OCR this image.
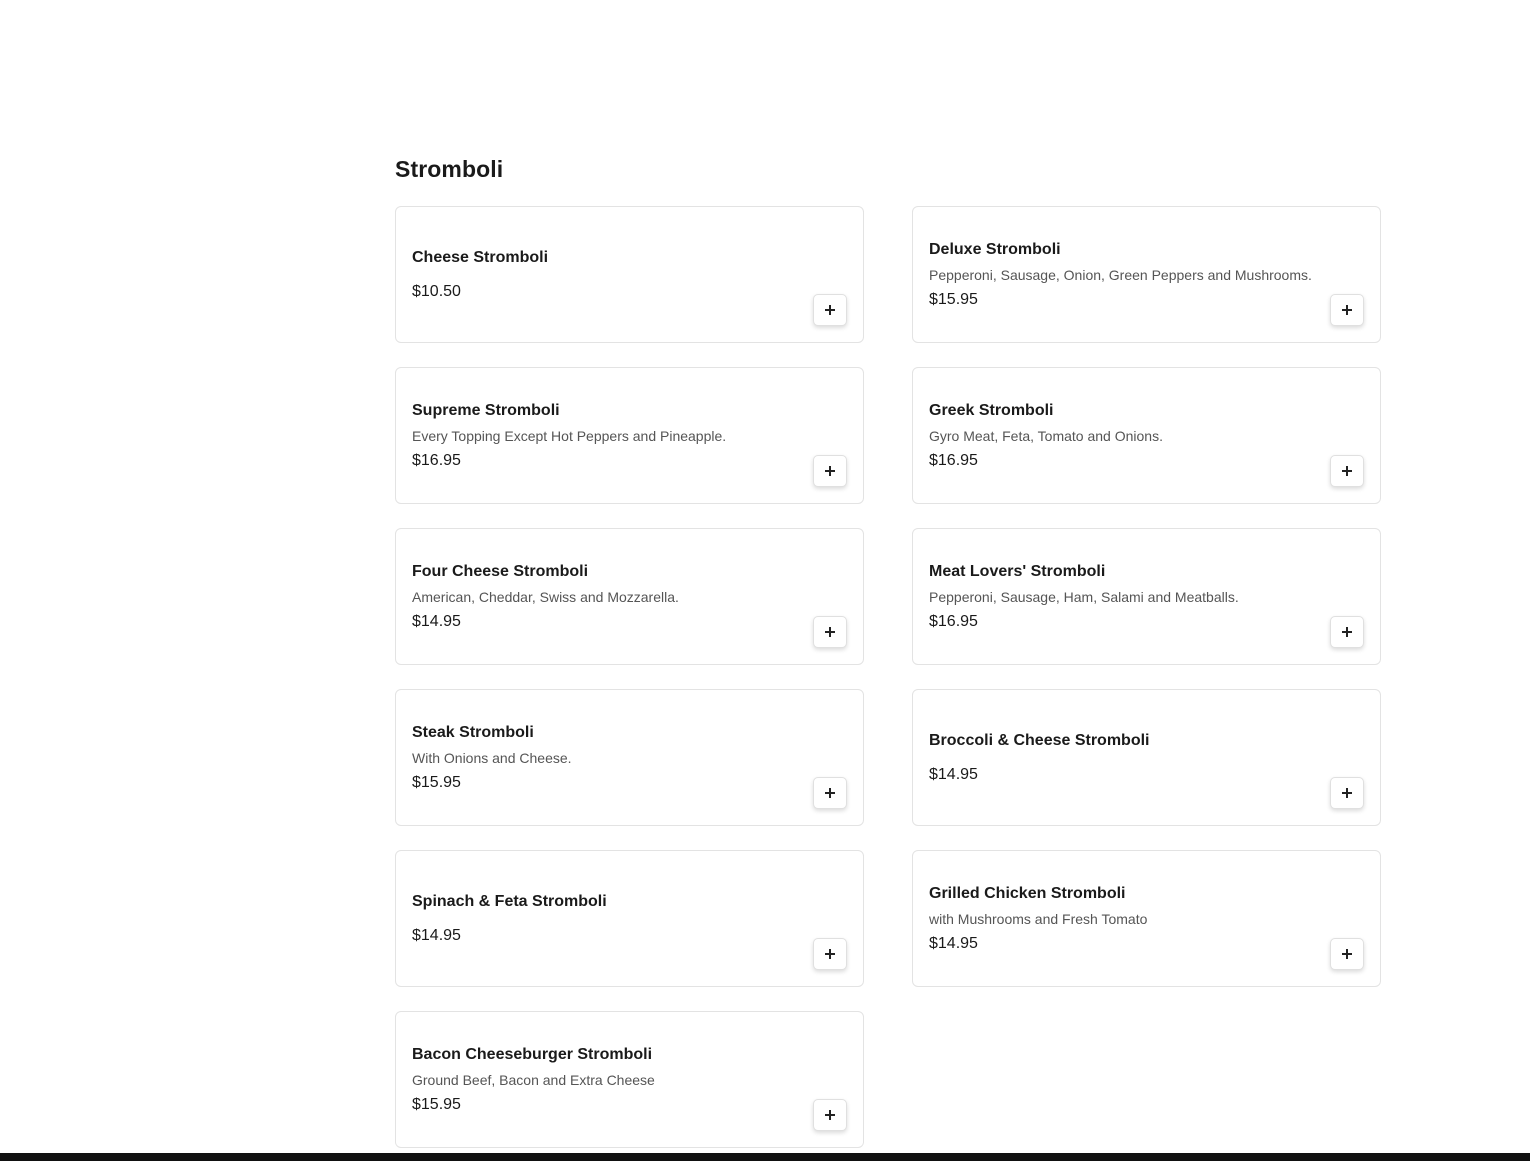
Stromboli
Cheese Stromboli
$10.50
Deluxe Stromboli
Pepperoni, Sausage, Onion, Green Peppers and Mushrooms.
$15.95
Supreme Stromboli
Every Topping Except Hot Peppers and Pineapple.
$16.95
Greek Stromboli
Gyro Meat, Feta, Tomato and Onions.
$16.95
Four Cheese Stromboli
American, Cheddar, Swiss and Mozzarella.
$14.95
Meat Lovers' Stromboli
Pepperoni, Sausage, Ham, Salami and Meatballs.
$16.95
Steak Stromboli
With Onions and Cheese.
$15.95
Broccoli & Cheese Stromboli
$14.95
Spinach & Feta Stromboli
$14.95
Grilled Chicken Stromboli
with Mushrooms and Fresh Tomato
$14.95
Bacon Cheeseburger Stromboli
Ground Beef, Bacon and Extra Cheese
$15.95
